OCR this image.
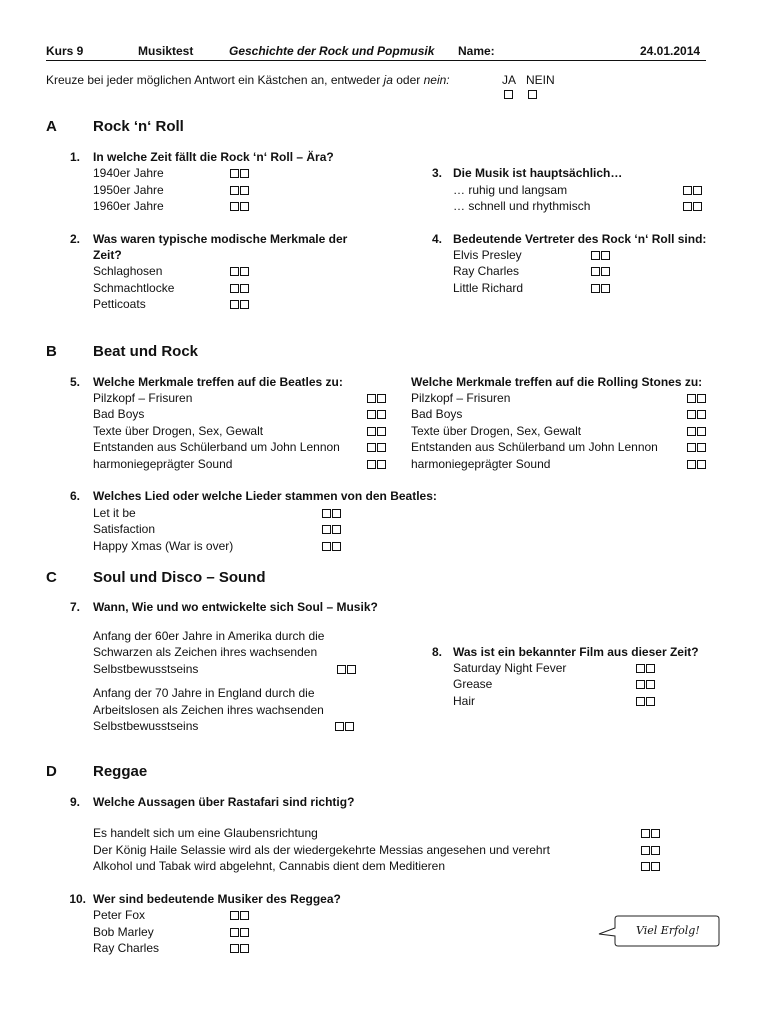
Kurs 9	Musiktest	Geschichte der Rock und Popmusik Name:	24.01.2014
Kreuze bei jeder möglichen Antwort ein Kästchen an, entweder ja oder nein:	JA NEIN
A Rock ‘n‘ Roll
1. In welche Zeit fällt die Rock ‘n‘ Roll – Ära?
1940er Jahre
1950er Jahre
1960er Jahre
3. Die Musik ist hauptsächlich…
… ruhig und langsam
… schnell und rhythmisch
2. Was waren typische modische Merkmale der
Zeit?
Schlaghosen
Schmachtlocke
Petticoats
4. Bedeutende Vertreter des Rock ‘n‘ Roll sind:
Elvis Presley
Ray Charles
Little Richard
B Beat und Rock
5. Welche Merkmale treffen auf die Beatles zu:
Pilzkopf – Frisuren
Bad Boys
Texte über Drogen, Sex, Gewalt
Entstanden aus Schülerband um John Lennon
harmoniegeprägter Sound
Welche Merkmale treffen auf die Rolling Stones zu:
Pilzkopf – Frisuren
Bad Boys
Texte über Drogen, Sex, Gewalt
Entstanden aus Schülerband um John Lennon
harmoniegeprägter Sound
6. Welches Lied oder welche Lieder stammen von den Beatles:
Let it be
Satisfaction
Happy Xmas (War is over)
C Soul und Disco – Sound
7. Wann, Wie und wo entwickelte sich Soul – Musik?
Anfang der 60er Jahre in Amerika durch die
Schwarzen als Zeichen ihres wachsenden
Selbstbewusstseins
Anfang der 70 Jahre in England durch die
Arbeitslosen als Zeichen ihres wachsenden
Selbstbewusstseins
8. Was ist ein bekannter Film aus dieser Zeit?
Saturday Night Fever
Grease
Hair
D Reggae
9. Welche Aussagen über Rastafari sind richtig?
Es handelt sich um eine Glaubensrichtung
Der König Haile Selassie wird als der wiedergekehrte Messias angesehen und verehrt
Alkohol und Tabak wird abgelehnt, Cannabis dient dem Meditieren
10. Wer sind bedeutende Musiker des Reggea?
Peter Fox
Bob Marley
Ray Charles
Viel Erfolg!
